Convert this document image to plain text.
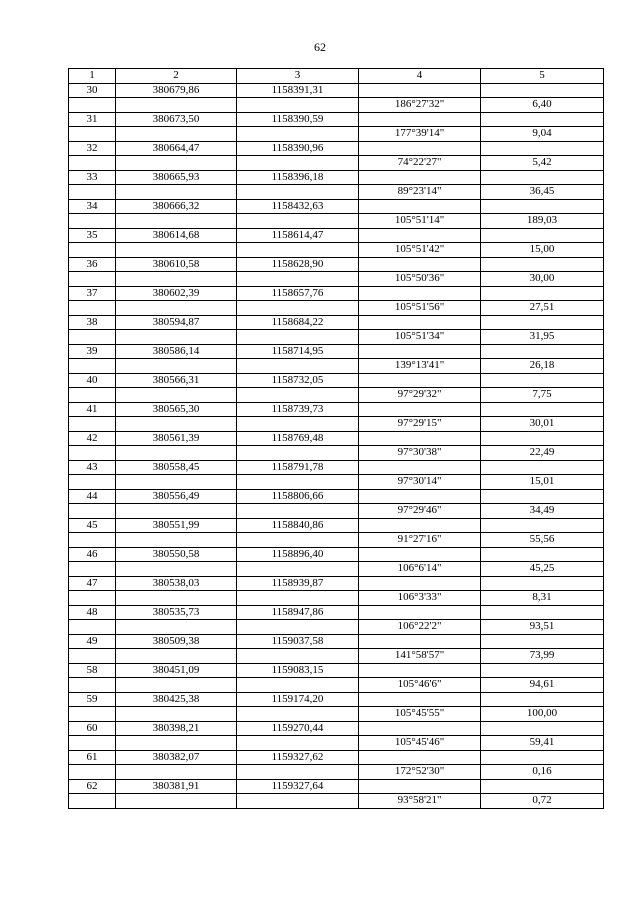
62
1	2	3	4	5
30	380679,86	1158391,31		
			186°27'32"	6,40
31	380673,50	1158390,59		
			177°39'14"	9,04
32	380664,47	1158390,96		
			74°22'27"	5,42
33	380665,93	1158396,18		
			89°23'14"	36,45
34	380666,32	1158432,63		
			105°51'14"	189,03
35	380614,68	1158614,47		
			105°51'42"	15,00
36	380610,58	1158628,90		
			105°50'36"	30,00
37	380602,39	1158657,76		
			105°51'56"	27,51
38	380594,87	1158684,22		
			105°51'34"	31,95
39	380586,14	1158714,95		
			139°13'41"	26,18
40	380566,31	1158732,05		
			97°29'32"	7,75
41	380565,30	1158739,73		
			97°29'15"	30,01
42	380561,39	1158769,48		
			97°30'38"	22,49
43	380558,45	1158791,78		
			97°30'14"	15,01
44	380556,49	1158806,66		
			97°29'46"	34,49
45	380551,99	1158840,86		
			91°27'16"	55,56
46	380550,58	1158896,40		
			106°6'14"	45,25
47	380538,03	1158939,87		
			106°3'33"	8,31
48	380535,73	1158947,86		
			106°22'2"	93,51
49	380509,38	1159037,58		
			141°58'57"	73,99
58	380451,09	1159083,15		
			105°46'6"	94,61
59	380425,38	1159174,20		
			105°45'55"	100,00
60	380398,21	1159270,44		
			105°45'46"	59,41
61	380382,07	1159327,62		
			172°52'30"	0,16
62	380381,91	1159327,64		
			93°58'21"	0,72
